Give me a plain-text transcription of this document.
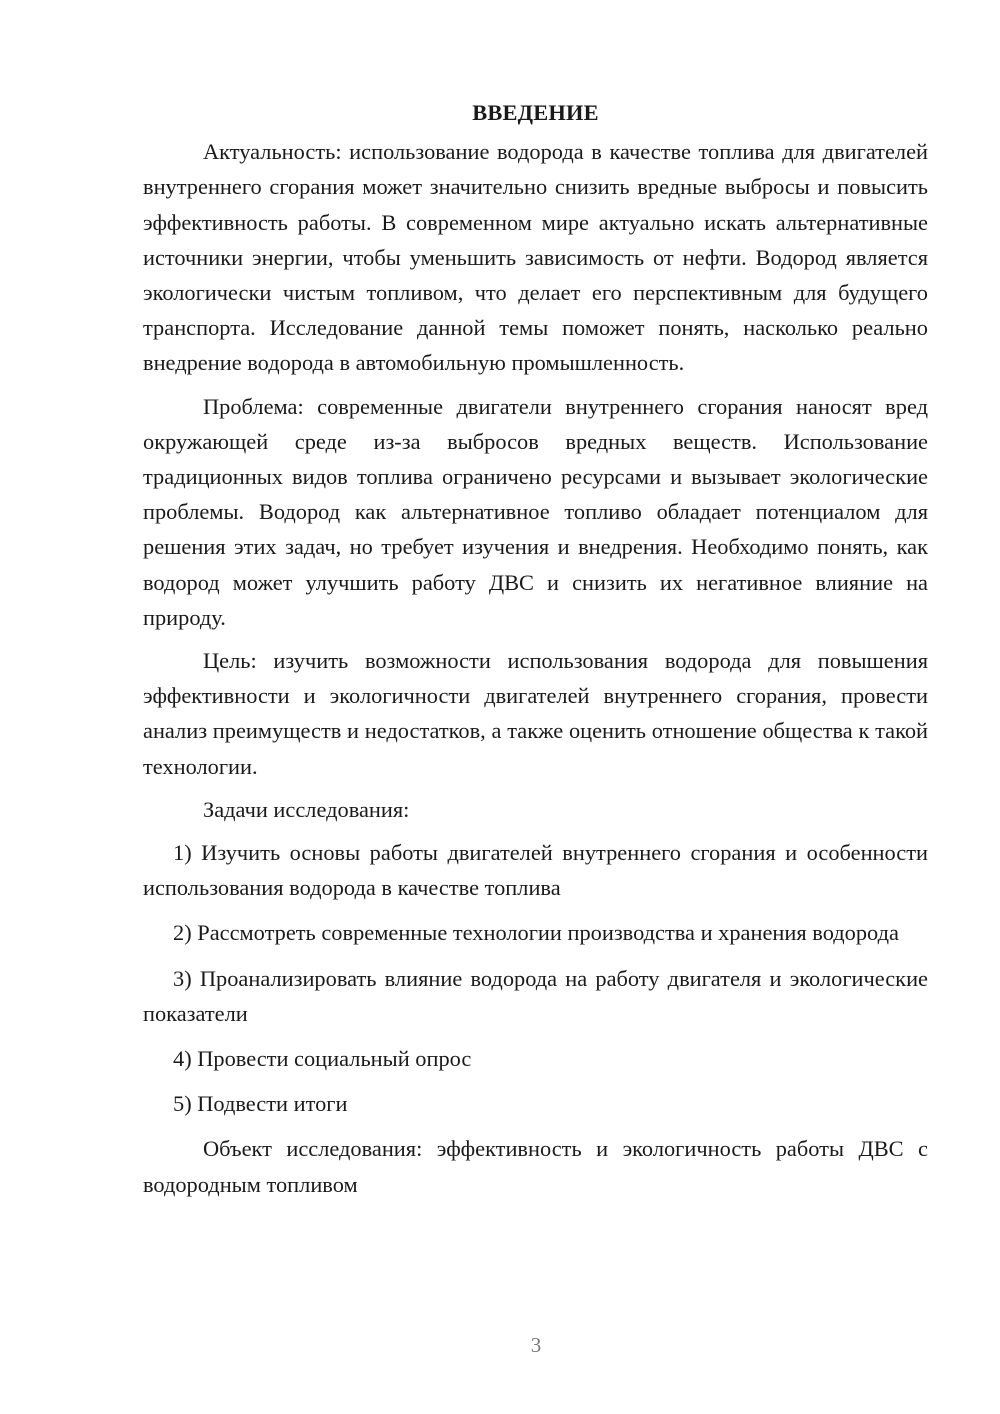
ВВЕДЕНИЕ

Актуальность: использование водорода в качестве топлива для двигателей внутреннего сгорания может значительно снизить вредные выбросы и повысить эффективность работы. В современном мире актуально искать альтернативные источники энергии, чтобы уменьшить зависимость от нефти. Водород является экологически чистым топливом, что делает его перспективным для будущего транспорта. Исследование данной темы поможет понять, насколько реально внедрение водорода в автомобильную промышленность.

Проблема: современные двигатели внутреннего сгорания наносят вред окружающей среде из-за выбросов вредных веществ. Использование традиционных видов топлива ограничено ресурсами и вызывает экологические проблемы. Водород как альтернативное топливо обладает потенциалом для решения этих задач, но требует изучения и внедрения. Необходимо понять, как водород может улучшить работу ДВС и снизить их негативное влияние на природу.

Цель: изучить возможности использования водорода для повышения эффективности и экологичности двигателей внутреннего сгорания, провести анализ преимуществ и недостатков, а также оценить отношение общества к такой технологии.

Задачи исследования:

1) Изучить основы работы двигателей внутреннего сгорания и особенности использования водорода в качестве топлива

2) Рассмотреть современные технологии производства и хранения водорода

3) Проанализировать влияние водорода на работу двигателя и экологические показатели

4) Провести социальный опрос

5) Подвести итоги

Объект исследования: эффективность и экологичность работы ДВС с водородным топливом

3
